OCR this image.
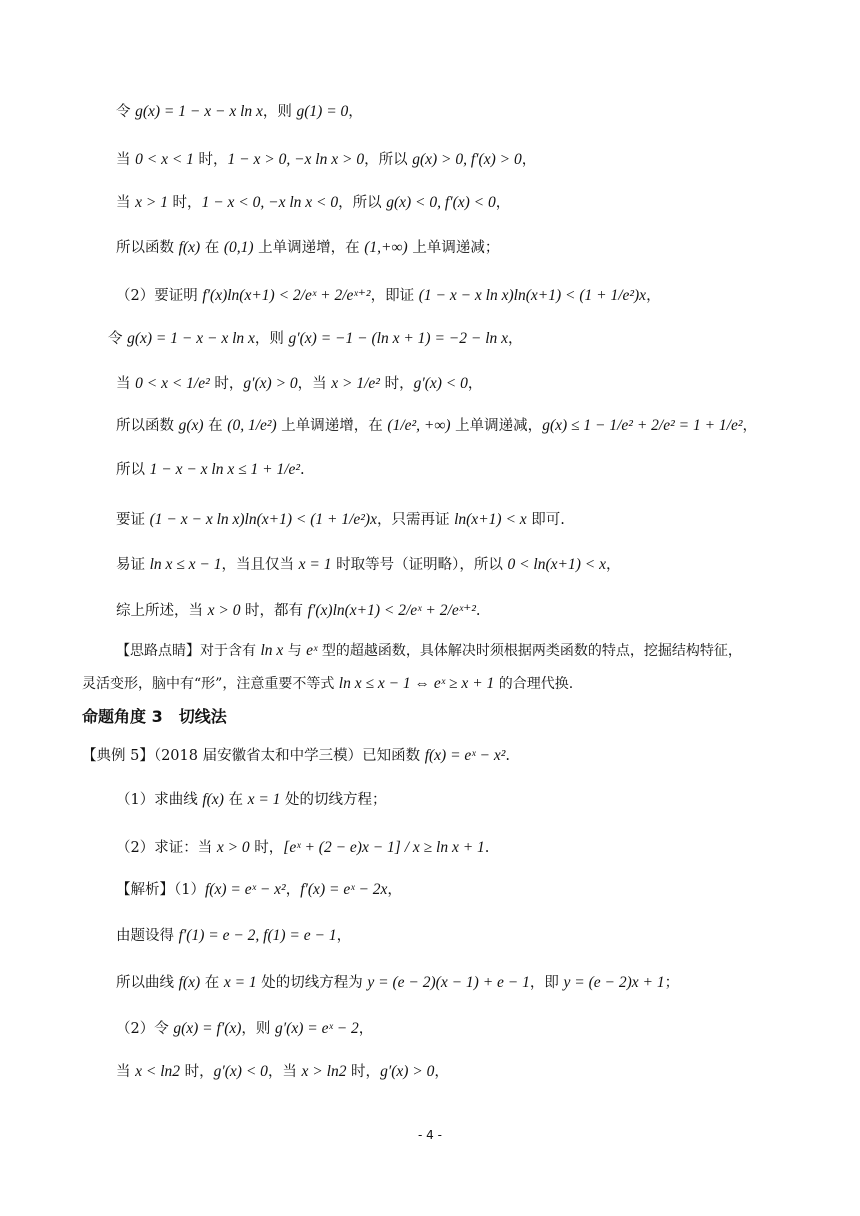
令 g(x) = 1 − x − x ln x，则 g(1) = 0，
当 0 < x < 1 时，1 − x > 0, −x ln x > 0，所以 g(x) > 0, f′(x) > 0，
当 x > 1 时，1 − x < 0, −x ln x < 0，所以 g(x) < 0, f′(x) < 0，
所以函数 f(x) 在 (0,1) 上单调递增，在 (1,+∞) 上单调递减；
（2）要证明 f′(x)ln(x+1) < 2/eˣ + 2/eˣ⁺²，即证 (1 − x − x ln x)ln(x+1) < (1 + 1/e²)x，
令 g(x) = 1 − x − x ln x，则 g′(x) = −1 − (ln x + 1) = −2 − ln x，
当 0 < x < 1/e² 时，g′(x) > 0，当 x > 1/e² 时，g′(x) < 0，
所以函数 g(x) 在 (0, 1/e²) 上单调递增，在 (1/e², +∞) 上单调递减，g(x) ≤ 1 − 1/e² + 2/e² = 1 + 1/e²，
所以 1 − x − x ln x ≤ 1 + 1/e².
要证 (1 − x − x ln x)ln(x+1) < (1 + 1/e²)x，只需再证 ln(x+1) < x 即可.
易证 ln x ≤ x − 1，当且仅当 x = 1 时取等号（证明略），所以 0 < ln(x+1) < x，
综上所述，当 x > 0 时，都有 f′(x)ln(x+1) < 2/eˣ + 2/eˣ⁺².
【思路点睛】对于含有 ln x 与 eˣ 型的超越函数，具体解决时须根据两类函数的特点，挖掘结构特征，
灵活变形，脑中有“形”，注意重要不等式 ln x ≤ x − 1 ⇔ eˣ ≥ x + 1 的合理代换.
命题角度 3　切线法
【典例 5】（2018 届安徽省太和中学三模）已知函数 f(x) = eˣ − x².
（1）求曲线 f(x) 在 x = 1 处的切线方程；
（2）求证：当 x > 0 时，[eˣ + (2 − e)x − 1] / x ≥ ln x + 1.
【解析】（1）f(x) = eˣ − x²，f′(x) = eˣ − 2x，
由题设得 f′(1) = e − 2, f(1) = e − 1，
所以曲线 f(x) 在 x = 1 处的切线方程为 y = (e − 2)(x − 1) + e − 1，即 y = (e − 2)x + 1；
（2）令 g(x) = f′(x)，则 g′(x) = eˣ − 2，
当 x < ln2 时，g′(x) < 0，当 x > ln2 时，g′(x) > 0，
- 4 -
